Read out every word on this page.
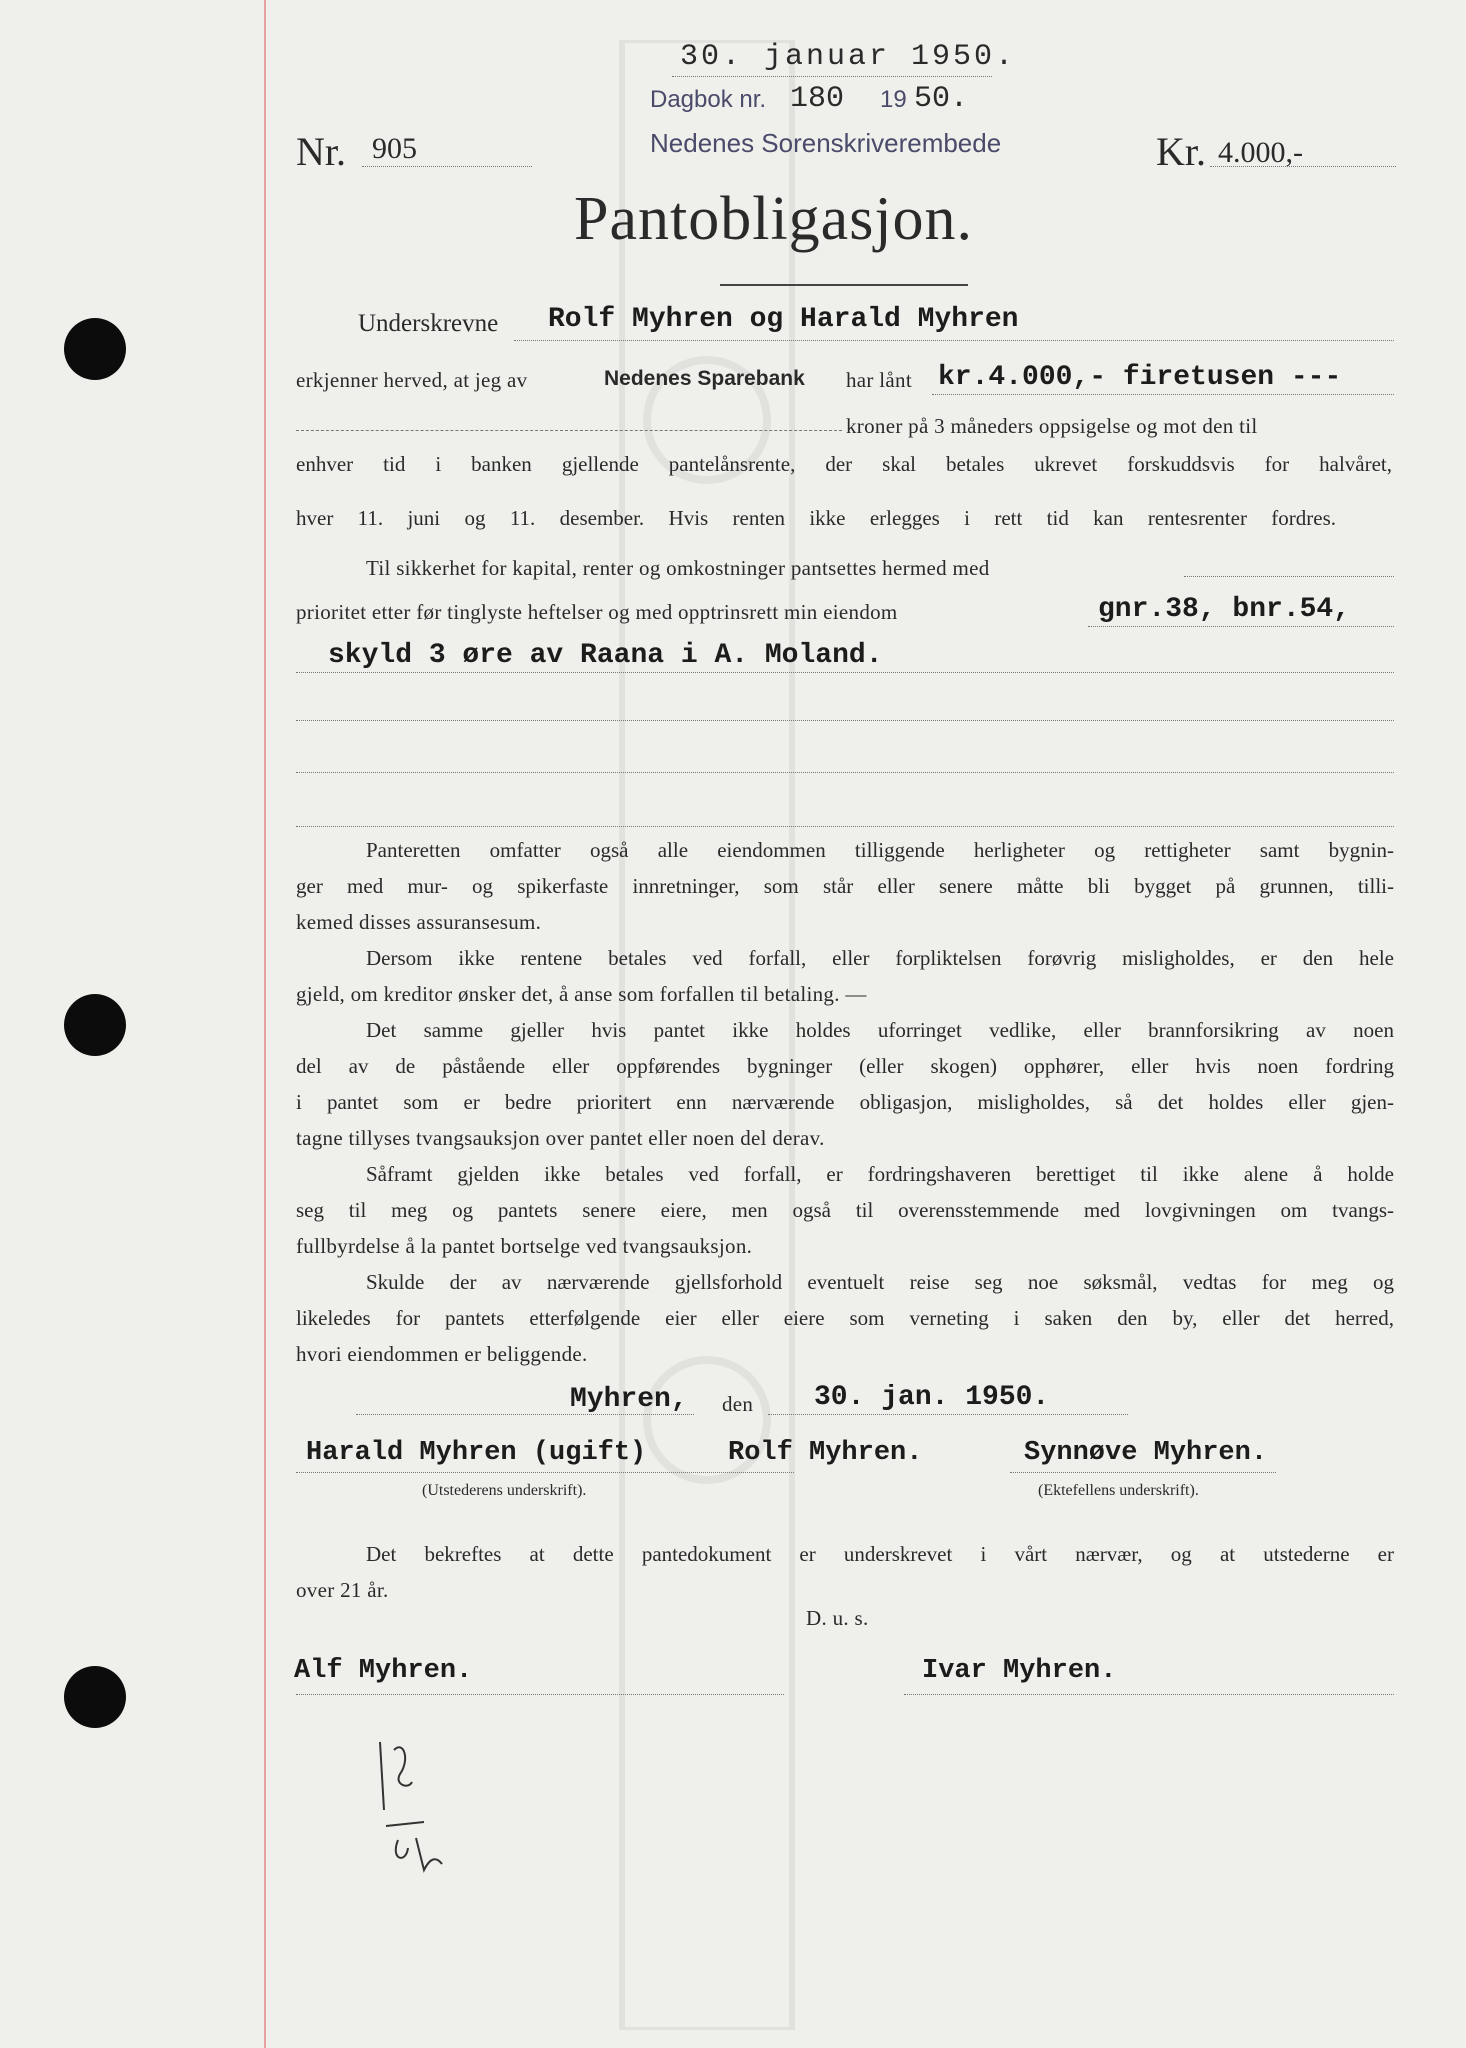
30. januar 1950.
Dagbok nr. 180 19 50.
Nedenes Sorenskriverembede
Nr. 905	Kr. 4.000,-
Pantobligasjon.
Underskrevne Rolf Myhren og Harald Myhren
erkjenner herved, at jeg av	Nedenes Sparebank har lånt kr.4.000,- firetusen ---
kroner på 3 måneders oppsigelse og mot den til
enhver tid i banken gjellende pantelånsrente, der skal betales ukrevet forskuddsvis for halvåret,
hver 11. juni og 11. desember. Hvis renten ikke erlegges i rett tid kan rentesrenter fordres.
Til sikkerhet for kapital, renter og omkostninger pantsettes hermed med
prioritet etter før tinglyste heftelser og med opptrinsrett min eiendom	gnr.38, bnr.54,
skyld 3 øre av Raana i A. Moland.
Panteretten omfatter også alle eiendommen tilliggende herligheter og rettigheter samt bygnin-
ger med mur- og spikerfaste innretninger, som står eller senere måtte bli bygget på grunnen, tilli-
kemed disses assuransesum.
Dersom ikke rentene betales ved forfall, eller forpliktelsen forøvrig misligholdes, er den hele
gjeld, om kreditor ønsker det, å anse som forfallen til betaling. —
Det samme gjeller hvis pantet ikke holdes uforringet vedlike, eller brannforsikring av noen
del av de påstående eller oppførendes bygninger (eller skogen) opphører, eller hvis noen fordring
i pantet som er bedre prioritert enn nærværende obligasjon, misligholdes, så det holdes eller gjen-
tagne tillyses tvangsauksjon over pantet eller noen del derav.
Såframt gjelden ikke betales ved forfall, er fordringshaveren berettiget til ikke alene å holde
seg til meg og pantets senere eiere, men også til overensstemmende med lovgivningen om tvangs-
fullbyrdelse å la pantet bortselge ved tvangsauksjon.
Skulde der av nærværende gjellsforhold eventuelt reise seg noe søksmål, vedtas for meg og
likeledes for pantets etterfølgende eier eller eiere som verneting i saken den by, eller det herred,
hvori eiendommen er beliggende.
Myhren, den 30. jan. 1950.
Harald Myhren (ugift)	Rolf Myhren.	Synnøve Myhren.
(Utstederens underskrift).	(Ektefellens underskrift).
Det bekreftes at dette pantedokument er underskrevet i vårt nærvær, og at utstederne er
over 21 år.
D. u. s.
Alf Myhren.	Ivar Myhren.
